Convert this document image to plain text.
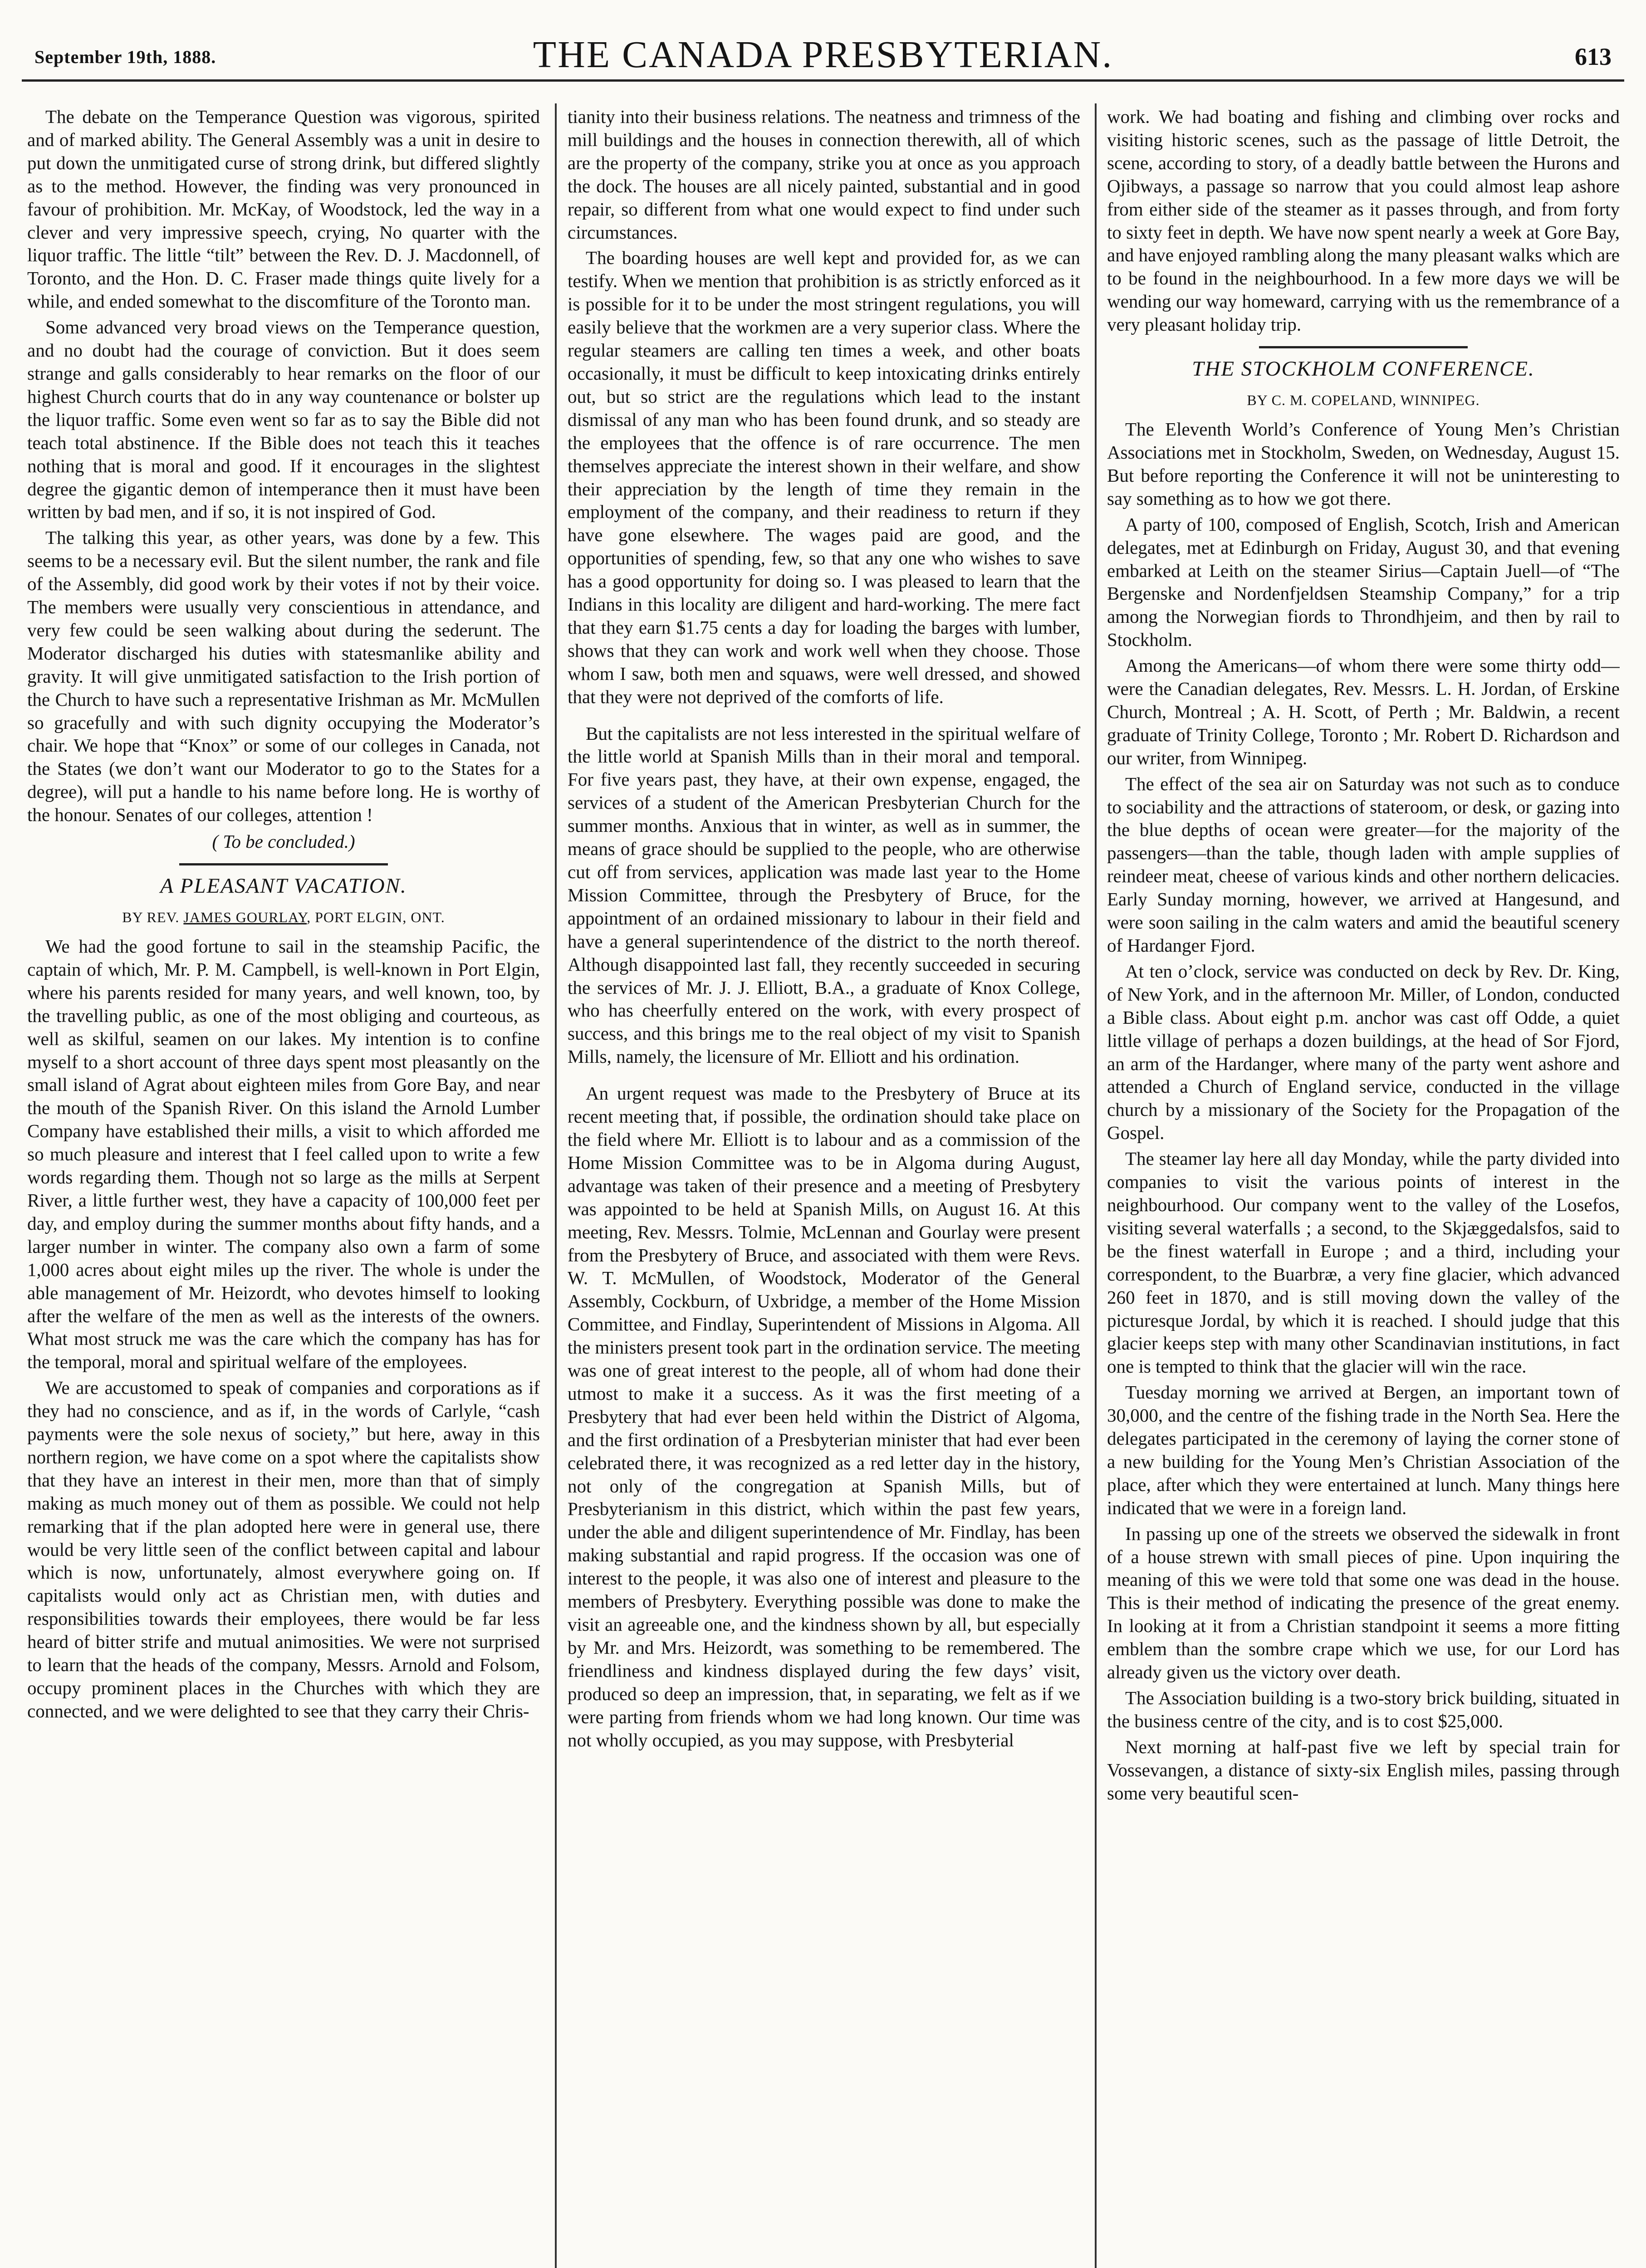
September 19th, 1888.	THE CANADA PRESBYTERIAN.	613

The debate on the Temperance Question was vigorous, spirited and of marked ability. The General Assembly was a unit in desire to put down the unmitigated curse of strong drink, but differed slightly as to the method. However, the finding was very pronounced in favour of prohibition. Mr. McKay, of Woodstock, led the way in a clever and very impressive speech, crying, No quarter with the liquor traffic. The little “tilt” between the Rev. D. J. Macdonnell, of Toronto, and the Hon. D. C. Fraser made things quite lively for a while, and ended somewhat to the discomfiture of the Toronto man.

Some advanced very broad views on the Temperance question, and no doubt had the courage of conviction. But it does seem strange and galls considerably to hear remarks on the floor of our highest Church courts that do in any way countenance or bolster up the liquor traffic. Some even went so far as to say the Bible did not teach total abstinence. If the Bible does not teach this it teaches nothing that is moral and good. If it encourages in the slightest degree the gigantic demon of intemperance then it must have been written by bad men, and if so, it is not inspired of God.

The talking this year, as other years, was done by a few. This seems to be a necessary evil. But the silent number, the rank and file of the Assembly, did good work by their votes if not by their voice. The members were usually very conscientious in attendance, and very few could be seen walking about during the sederunt. The Moderator discharged his duties with statesmanlike ability and gravity. It will give unmitigated satisfaction to the Irish portion of the Church to have such a representative Irishman as Mr. McMullen so gracefully and with such dignity occupying the Moderator’s chair. We hope that “Knox” or some of our colleges in Canada, not the States (we don’t want our Moderator to go to the States for a degree), will put a handle to his name before long. He is worthy of the honour. Senates of our colleges, attention !

( To be concluded.)

A PLEASANT VACATION.
BY REV. JAMES GOURLAY, PORT ELGIN, ONT.

We had the good fortune to sail in the steamship Pacific, the captain of which, Mr. P. M. Campbell, is well-known in Port Elgin, where his parents resided for many years, and well known, too, by the travelling public, as one of the most obliging and courteous, as well as skilful, seamen on our lakes. My intention is to confine myself to a short account of three days spent most pleasantly on the small island of Agrat about eighteen miles from Gore Bay, and near the mouth of the Spanish River. On this island the Arnold Lumber Company have established their mills, a visit to which afforded me so much pleasure and interest that I feel called upon to write a few words regarding them. Though not so large as the mills at Serpent River, a little further west, they have a capacity of 100,000 feet per day, and employ during the summer months about fifty hands, and a larger number in winter. The company also own a farm of some 1,000 acres about eight miles up the river. The whole is under the able management of Mr. Heizordt, who devotes himself to looking after the welfare of the men as well as the interests of the owners. What most struck me was the care which the company has has for the temporal, moral and spiritual welfare of the employees.

We are accustomed to speak of companies and corporations as if they had no conscience, and as if, in the words of Carlyle, “cash payments were the sole nexus of society,” but here, away in this northern region, we have come on a spot where the capitalists show that they have an interest in their men, more than that of simply making as much money out of them as possible. We could not help remarking that if the plan adopted here were in general use, there would be very little seen of the conflict between capital and labour which is now, unfortunately, almost everywhere going on. If capitalists would only act as Christian men, with duties and responsibilities towards their employees, there would be far less heard of bitter strife and mutual animosities. We were not surprised to learn that the heads of the company, Messrs. Arnold and Folsom, occupy prominent places in the Churches with which they are connected, and we were delighted to see that they carry their Chris-

tianity into their business relations. The neatness and trimness of the mill buildings and the houses in connection therewith, all of which are the property of the company, strike you at once as you approach the dock. The houses are all nicely painted, substantial and in good repair, so different from what one would expect to find under such circumstances.

The boarding houses are well kept and provided for, as we can testify. When we mention that prohibition is as strictly enforced as it is possible for it to be under the most stringent regulations, you will easily believe that the workmen are a very superior class. Where the regular steamers are calling ten times a week, and other boats occasionally, it must be difficult to keep intoxicating drinks entirely out, but so strict are the regulations which lead to the instant dismissal of any man who has been found drunk, and so steady are the employees that the offence is of rare occurrence. The men themselves appreciate the interest shown in their welfare, and show their appreciation by the length of time they remain in the employment of the company, and their readiness to return if they have gone elsewhere. The wages paid are good, and the opportunities of spending, few, so that any one who wishes to save has a good opportunity for doing so. I was pleased to learn that the Indians in this locality are diligent and hard-working. The mere fact that they earn $1.75 cents a day for loading the barges with lumber, shows that they can work and work well when they choose. Those whom I saw, both men and squaws, were well dressed, and showed that they were not deprived of the comforts of life.

But the capitalists are not less interested in the spiritual welfare of the little world at Spanish Mills than in their moral and temporal. For five years past, they have, at their own expense, engaged, the services of a student of the American Presbyterian Church for the summer months. Anxious that in winter, as well as in summer, the means of grace should be supplied to the people, who are otherwise cut off from services, application was made last year to the Home Mission Committee, through the Presbytery of Bruce, for the appointment of an ordained missionary to labour in their field and have a general superintendence of the district to the north thereof. Although disappointed last fall, they recently succeeded in securing the services of Mr. J. J. Elliott, B.A., a graduate of Knox College, who has cheerfully entered on the work, with every prospect of success, and this brings me to the real object of my visit to Spanish Mills, namely, the licensure of Mr. Elliott and his ordination.

An urgent request was made to the Presbytery of Bruce at its recent meeting that, if possible, the ordination should take place on the field where Mr. Elliott is to labour and as a commission of the Home Mission Committee was to be in Algoma during August, advantage was taken of their presence and a meeting of Presbytery was appointed to be held at Spanish Mills, on August 16. At this meeting, Rev. Messrs. Tolmie, McLennan and Gourlay were present from the Presbytery of Bruce, and associated with them were Revs. W. T. McMullen, of Woodstock, Moderator of the General Assembly, Cockburn, of Uxbridge, a member of the Home Mission Committee, and Findlay, Superintendent of Missions in Algoma. All the ministers present took part in the ordination service. The meeting was one of great interest to the people, all of whom had done their utmost to make it a success. As it was the first meeting of a Presbytery that had ever been held within the District of Algoma, and the first ordination of a Presbyterian minister that had ever been celebrated there, it was recognized as a red letter day in the history, not only of the congregation at Spanish Mills, but of Presbyterianism in this district, which within the past few years, under the able and diligent superintendence of Mr. Findlay, has been making substantial and rapid progress. If the occasion was one of interest to the people, it was also one of interest and pleasure to the members of Presbytery. Everything possible was done to make the visit an agreeable one, and the kindness shown by all, but especially by Mr. and Mrs. Heizordt, was something to be remembered. The friendliness and kindness displayed during the few days’ visit, produced so deep an impression, that, in separating, we felt as if we were parting from friends whom we had long known. Our time was not wholly occupied, as you may suppose, with Presbyterial

work. We had boating and fishing and climbing over rocks and visiting historic scenes, such as the passage of little Detroit, the scene, according to story, of a deadly battle between the Hurons and Ojibways, a passage so narrow that you could almost leap ashore from either side of the steamer as it passes through, and from forty to sixty feet in depth. We have now spent nearly a week at Gore Bay, and have enjoyed rambling along the many pleasant walks which are to be found in the neighbourhood. In a few more days we will be wending our way homeward, carrying with us the remembrance of a very pleasant holiday trip.

THE STOCKHOLM CONFERENCE.
BY C. M. COPELAND, WINNIPEG.

The Eleventh World’s Conference of Young Men’s Christian Associations met in Stockholm, Sweden, on Wednesday, August 15. But before reporting the Conference it will not be uninteresting to say something as to how we got there.

A party of 100, composed of English, Scotch, Irish and American delegates, met at Edinburgh on Friday, August 30, and that evening embarked at Leith on the steamer Sirius—Captain Juell—of “The Bergenske and Nordenfjeldsen Steamship Company,” for a trip among the Norwegian fiords to Throndhjeim, and then by rail to Stockholm.

Among the Americans—of whom there were some thirty odd—were the Canadian delegates, Rev. Messrs. L. H. Jordan, of Erskine Church, Montreal ; A. H. Scott, of Perth ; Mr. Baldwin, a recent graduate of Trinity College, Toronto ; Mr. Robert D. Richardson and our writer, from Winnipeg.

The effect of the sea air on Saturday was not such as to conduce to sociability and the attractions of stateroom, or desk, or gazing into the blue depths of ocean were greater—for the majority of the passengers—than the table, though laden with ample supplies of reindeer meat, cheese of various kinds and other northern delicacies. Early Sunday morning, however, we arrived at Hangesund, and were soon sailing in the calm waters and amid the beautiful scenery of Hardanger Fjord.

At ten o’clock, service was conducted on deck by Rev. Dr. King, of New York, and in the afternoon Mr. Miller, of London, conducted a Bible class. About eight p.m. anchor was cast off Odde, a quiet little village of perhaps a dozen buildings, at the head of Sor Fjord, an arm of the Hardanger, where many of the party went ashore and attended a Church of England service, conducted in the village church by a missionary of the Society for the Propagation of the Gospel.

The steamer lay here all day Monday, while the party divided into companies to visit the various points of interest in the neighbourhood. Our company went to the valley of the Losefos, visiting several waterfalls ; a second, to the Skjæggedalsfos, said to be the finest waterfall in Europe ; and a third, including your correspondent, to the Buarbræ, a very fine glacier, which advanced 260 feet in 1870, and is still moving down the valley of the picturesque Jordal, by which it is reached. I should judge that this glacier keeps step with many other Scandinavian institutions, in fact one is tempted to think that the glacier will win the race.

Tuesday morning we arrived at Bergen, an important town of 30,000, and the centre of the fishing trade in the North Sea. Here the delegates participated in the ceremony of laying the corner stone of a new building for the Young Men’s Christian Association of the place, after which they were entertained at lunch. Many things here indicated that we were in a foreign land.

In passing up one of the streets we observed the sidewalk in front of a house strewn with small pieces of pine. Upon inquiring the meaning of this we were told that some one was dead in the house. This is their method of indicating the presence of the great enemy. In looking at it from a Christian standpoint it seems a more fitting emblem than the sombre crape which we use, for our Lord has already given us the victory over death.

The Association building is a two-story brick building, situated in the business centre of the city, and is to cost $25,000.

Next morning at half-past five we left by special train for Vossevangen, a distance of sixty-six English miles, passing through some very beautiful scen-
